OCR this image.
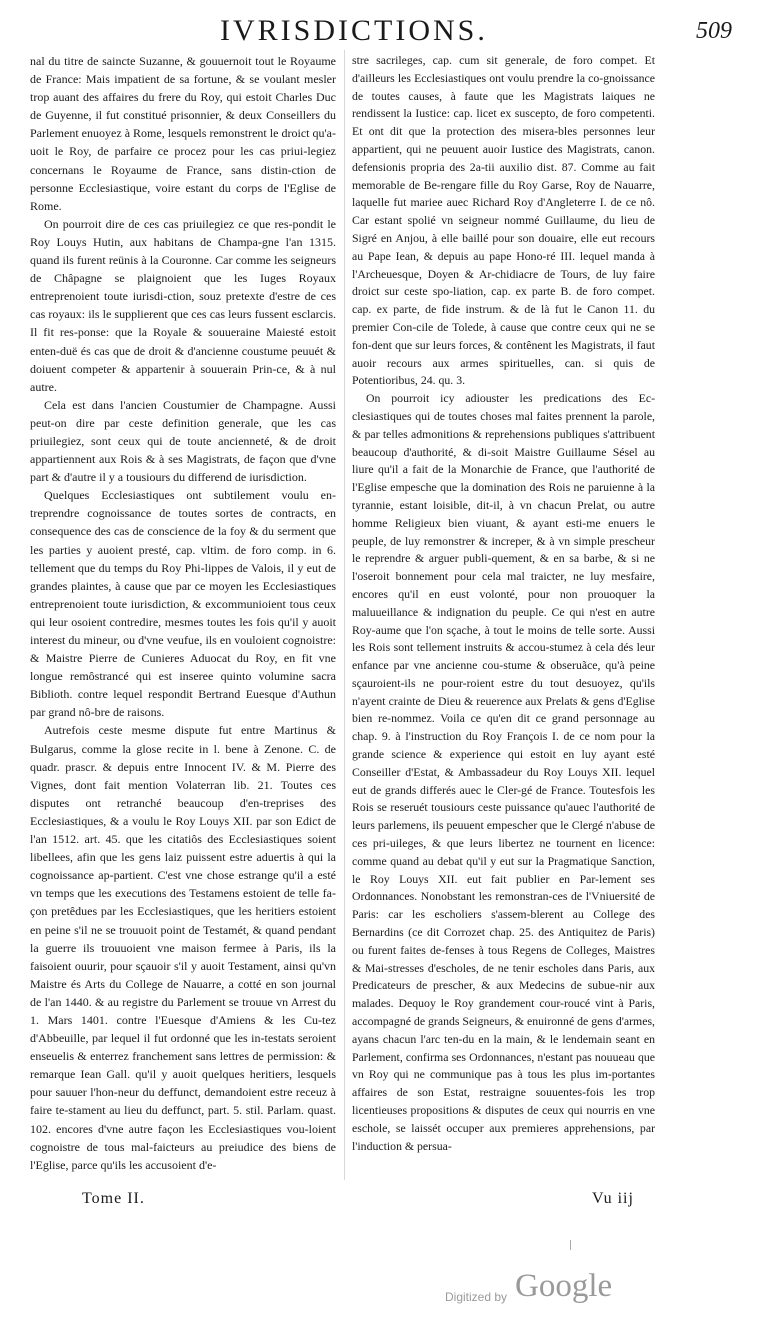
IVRISDICTIONS.	509

nal du titre de saincte Suzanne, & gouuernoit tout le Royaume de France: Mais impatient de sa fortune, & se voulant mesler trop auant des affaires du frere du Roy, qui estoit Charles Duc de Guyenne, il fut constitué prisonnier, & deux Conseillers du Parlement enuoyez à Rome, lesquels remonstrent le droict qu'a-uoit le Roy, de parfaire ce procez pour les cas priui-legiez concernans le Royaume de France, sans distin-ction de personne Ecclesiastique, voire estant du corps de l'Eglise de Rome.

On pourroit dire de ces cas priuilegiez ce que res-pondit le Roy Louys Hutin, aux habitans de Champa-gne l'an 1315. quand ils furent reünis à la Couronne. Car comme les seigneurs de Châpagne se plaignoient que les Iuges Royaux entreprenoient toute iurisdi-ction, souz pretexte d'estre de ces cas royaux: ils le supplierent que ces cas leurs fussent esclarcis. Il fit res-ponse: que la Royale & souueraine Maiesté estoit enten-duë és cas que de droit & d'ancienne coustume peuuét & doiuent competer & appartenir à souuerain Prin-ce, & à nul autre.

Cela est dans l'ancien Coustumier de Champagne. Aussi peut-on dire par ceste definition generale, que les cas priuilegiez, sont ceux qui de toute ancienneté, & de droit appartiennent aux Rois & à ses Magistrats, de façon que d'vne part & d'autre il y a tousiours du differend de iurisdiction.

Quelques Ecclesiastiques ont subtilement voulu en-treprendre cognoissance de toutes sortes de contracts, en consequence des cas de conscience de la foy & du serment que les parties y auoient presté, cap. vltim. de foro comp. in 6. tellement que du temps du Roy Phi-lippes de Valois, il y eut de grandes plaintes, à cause que par ce moyen les Ecclesiastiques entreprenoient toute iurisdiction, & excommunioient tous ceux qui leur osoient contredire, mesmes toutes les fois qu'il y auoit interest du mineur, ou d'vne veufue, ils en vouloient cognoistre: & Maistre Pierre de Cunieres Aduocat du Roy, en fit vne longue remôstrancé qui est inseree quinto volumine sacra Biblioth. contre lequel respondit Bertrand Euesque d'Authun par grand nô-bre de raisons.

Autrefois ceste mesme dispute fut entre Martinus & Bulgarus, comme la glose recite in l. bene à Zenone. C. de quadr. prascr. & depuis entre Innocent IV. & M. Pierre des Vignes, dont fait mention Volaterran lib. 21. Toutes ces disputes ont retranché beaucoup d'en-treprises des Ecclesiastiques, & a voulu le Roy Louys XII. par son Edict de l'an 1512. art. 45. que les citatiôs des Ecclesiastiques soient libellees, afin que les gens laiz puissent estre aduertis à qui la cognoissance ap-partient. C'est vne chose estrange qu'il a esté vn temps que les executions des Testamens estoient de telle fa-çon pretêdues par les Ecclesiastiques, que les heritiers estoient en peine s'il ne se trouuoit point de Testamét, & quand pendant la guerre ils trouuoient vne maison fermee à Paris, ils la faisoient ouurir, pour sçauoir s'il y auoit Testament, ainsi qu'vn Maistre és Arts du College de Nauarre, a cotté en son journal de l'an 1440. & au registre du Parlement se trouue vn Arrest du 1. Mars 1401. contre l'Euesque d'Amiens & les Cu-tez d'Abbeuille, par lequel il fut ordonné que les in-testats seroient enseuelis & enterrez franchement sans lettres de permission: & remarque Iean Gall. qu'il y auoit quelques heritiers, lesquels pour sauuer l'hon-neur du deffunct, demandoient estre receuz à faire te-stament au lieu du deffunct, part. 5. stil. Parlam. quast. 102. encores d'vne autre façon les Ecclesiastiques vou-loient cognoistre de tous mal-faicteurs au preiudice des biens de l'Eglise, parce qu'ils les accusoient d'e-

stre sacrileges, cap. cum sit generale, de foro compet. Et d'ailleurs les Ecclesiastiques ont voulu prendre la co-gnoissance de toutes causes, à faute que les Magistrats laiques ne rendissent la Iustice: cap. licet ex suscepto, de foro competenti. Et ont dit que la protection des misera-bles personnes leur appartient, qui ne peuuent auoir Iustice des Magistrats, canon. defensionis propria des 2a-tii auxilio dist. 87. Comme au fait memorable de Be-rengare fille du Roy Garse, Roy de Nauarre, laquelle fut mariee auec Richard Roy d'Angleterre I. de ce nô. Car estant spolié vn seigneur nommé Guillaume, du lieu de Sigré en Anjou, à elle baillé pour son douaire, elle eut recours au Pape Iean, & depuis au pape Hono-ré III. lequel manda à l'Archeuesque, Doyen & Ar-chidiacre de Tours, de luy faire droict sur ceste spo-liation, cap. ex parte B. de foro compet. cap. ex parte, de fide instrum. & de là fut le Canon 11. du premier Con-cile de Tolede, à cause que contre ceux qui ne se fon-dent que sur leurs forces, & contênent les Magistrats, il faut auoir recours aux armes spirituelles, can. si quis de Potentioribus, 24. qu. 3.

On pourroit icy adiouster les predications des Ec-clesiastiques qui de toutes choses mal faites prennent la parole, & par telles admonitions & reprehensions publiques s'attribuent beaucoup d'authorité, & di-soit Maistre Guillaume Sésel au liure qu'il a fait de la Monarchie de France, que l'authorité de l'Eglise empesche que la domination des Rois ne paruienne à la tyrannie, estant loisible, dit-il, à vn chacun Prelat, ou autre homme Religieux bien viuant, & ayant esti-me enuers le peuple, de luy remonstrer & increper, & à vn simple prescheur le reprendre & arguer publi-quement, & en sa barbe, & si ne l'oseroit bonnement pour cela mal traicter, ne luy mesfaire, encores qu'il en eust volonté, pour non prouoquer la maluueillance & indignation du peuple. Ce qui n'est en autre Roy-aume que l'on sçache, à tout le moins de telle sorte. Aussi les Rois sont tellement instruits & accou-stumez à cela dés leur enfance par vne ancienne cou-stume & obseruãce, qu'à peine sçauroient-ils ne pour-roient estre du tout desuoyez, qu'ils n'ayent crainte de Dieu & reuerence aux Prelats & gens d'Eglise bien re-nommez. Voila ce qu'en dit ce grand personnage au chap. 9. à l'instruction du Roy François I. de ce nom pour la grande science & experience qui estoit en luy ayant esté Conseiller d'Estat, & Ambassadeur du Roy Louys XII. lequel eut de grands differés auec le Cler-gé de France. Toutesfois les Rois se reseruét tousiours ceste puissance qu'auec l'authorité de leurs parlemens, ils peuuent empescher que le Clergé n'abuse de ces pri-uileges, & que leurs libertez ne tournent en licence: comme quand au debat qu'il y eut sur la Pragmatique Sanction, le Roy Louys XII. eut fait publier en Par-lement ses Ordonnances. Nonobstant les remonstran-ces de l'Vniuersité de Paris: car les escholiers s'assem-blerent au College des Bernardins (ce dit Corrozet chap. 25. des Antiquitez de Paris) ou furent faites de-fenses à tous Regens de Colleges, Maistres & Mai-stresses d'escholes, de ne tenir escholes dans Paris, aux Predicateurs de prescher, & aux Medecins de subue-nir aux malades. Dequoy le Roy grandement cour-roucé vint à Paris, accompagné de grands Seigneurs, & enuironné de gens d'armes, ayans chacun l'arc ten-du en la main, & le lendemain seant en Parlement, confirma ses Ordonnances, n'estant pas nouueau que vn Roy qui ne communique pas à tous les plus im-portantes affaires de son Estat, restraigne souuentes-fois les trop licentieuses propositions & disputes de ceux qui nourris en vne eschole, se laissét occuper aux premieres apprehensions, par l'induction & persua-

Tome II.	Vu iij
Digitized by Google
